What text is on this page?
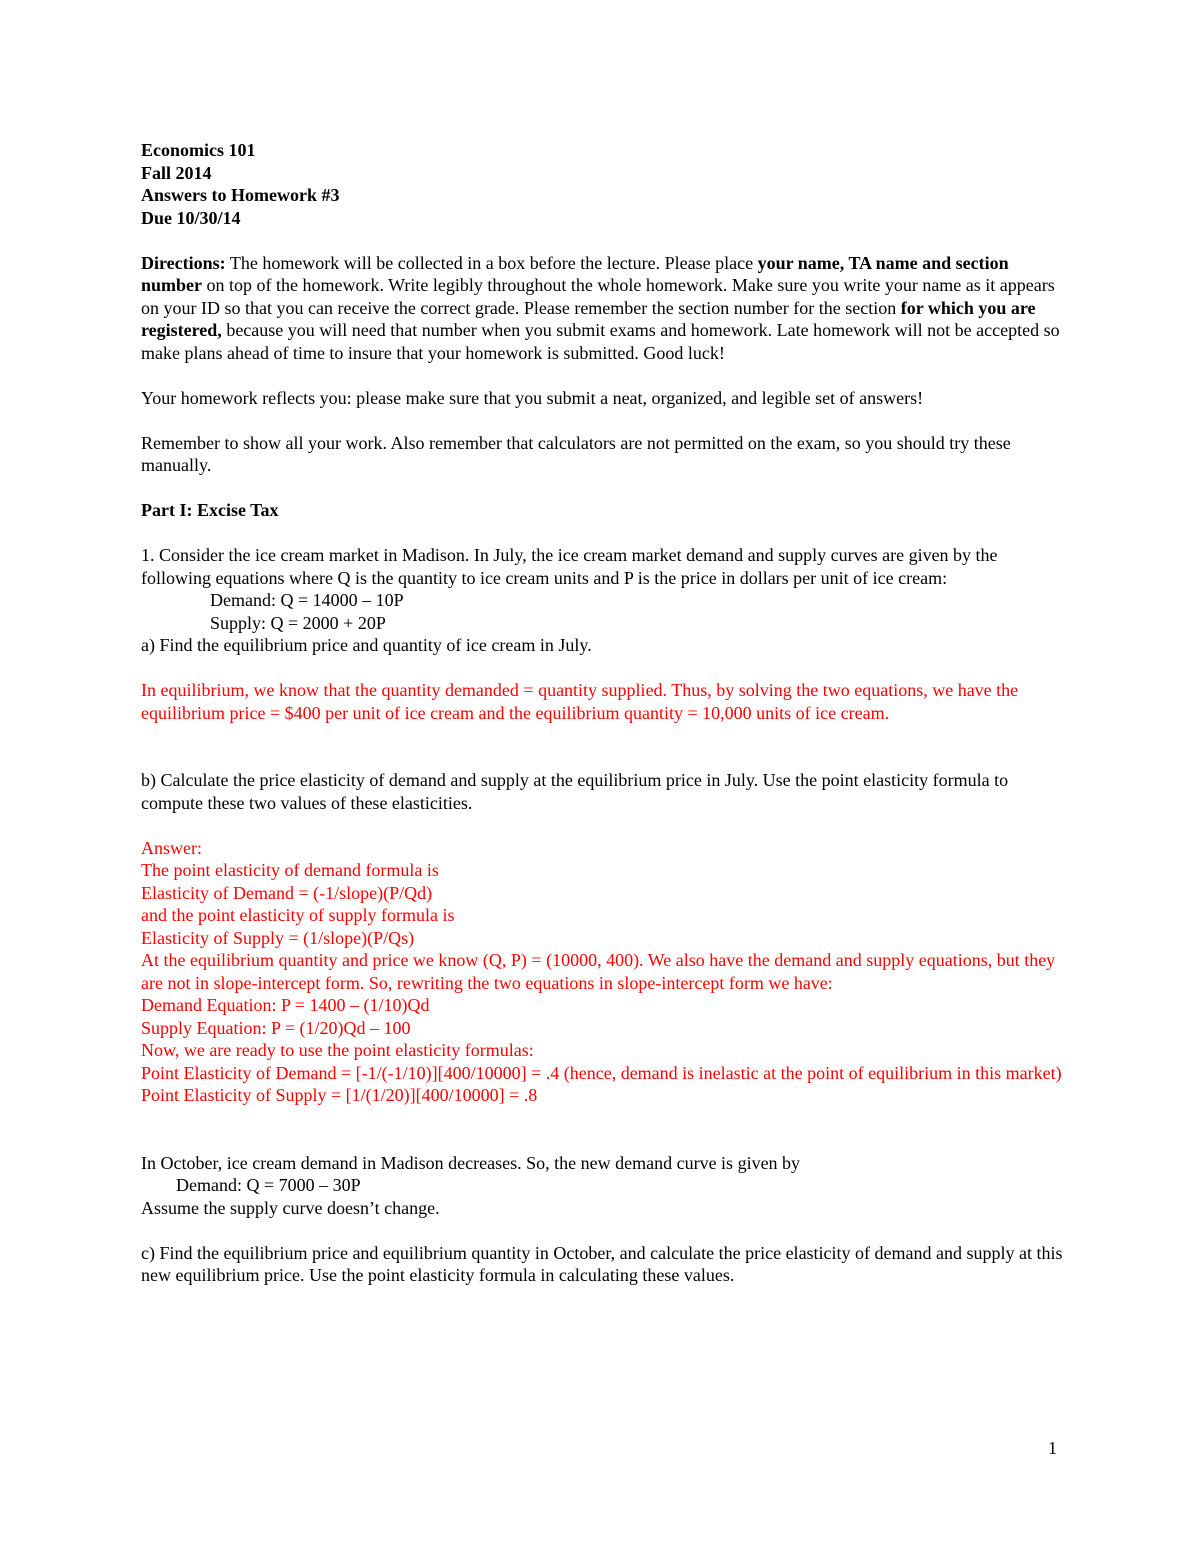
Economics 101
Fall 2014
Answers to Homework #3
Due 10/30/14
Directions: The homework will be collected in a box before the lecture. Please place your name, TA name and section number on top of the homework. Write legibly throughout the whole homework. Make sure you write your name as it appears on your ID so that you can receive the correct grade. Please remember the section number for the section for which you are registered, because you will need that number when you submit exams and homework. Late homework will not be accepted so make plans ahead of time to insure that your homework is submitted. Good luck!
Your homework reflects you: please make sure that you submit a neat, organized, and legible set of answers!
Remember to show all your work. Also remember that calculators are not permitted on the exam, so you should try these manually.
Part I: Excise Tax
1. Consider the ice cream market in Madison. In July, the ice cream market demand and supply curves are given by the following equations where Q is the quantity to ice cream units and P is the price in dollars per unit of ice cream:
Demand: Q = 14000 – 10P
Supply: Q = 2000 + 20P
a) Find the equilibrium price and quantity of ice cream in July.
In equilibrium, we know that the quantity demanded = quantity supplied. Thus, by solving the two equations, we have the equilibrium price = $400 per unit of ice cream and the equilibrium quantity = 10,000 units of ice cream.
b) Calculate the price elasticity of demand and supply at the equilibrium price in July. Use the point elasticity formula to compute these two values of these elasticities.
Answer:
The point elasticity of demand formula is
Elasticity of Demand = (-1/slope)(P/Qd)
and the point elasticity of supply formula is
Elasticity of Supply = (1/slope)(P/Qs)
At the equilibrium quantity and price we know (Q, P) = (10000, 400). We also have the demand and supply equations, but they are not in slope-intercept form. So, rewriting the two equations in slope-intercept form we have:
Demand Equation: P = 1400 – (1/10)Qd
Supply Equation: P = (1/20)Qd – 100
Now, we are ready to use the point elasticity formulas:
Point Elasticity of Demand = [-1/(-1/10)][400/10000] = .4 (hence, demand is inelastic at the point of equilibrium in this market)
Point Elasticity of Supply = [1/(1/20)][400/10000] = .8
In October, ice cream demand in Madison decreases. So, the new demand curve is given by
Demand: Q = 7000 – 30P
Assume the supply curve doesn’t change.
c) Find the equilibrium price and equilibrium quantity in October, and calculate the price elasticity of demand and supply at this new equilibrium price. Use the point elasticity formula in calculating these values.
1
